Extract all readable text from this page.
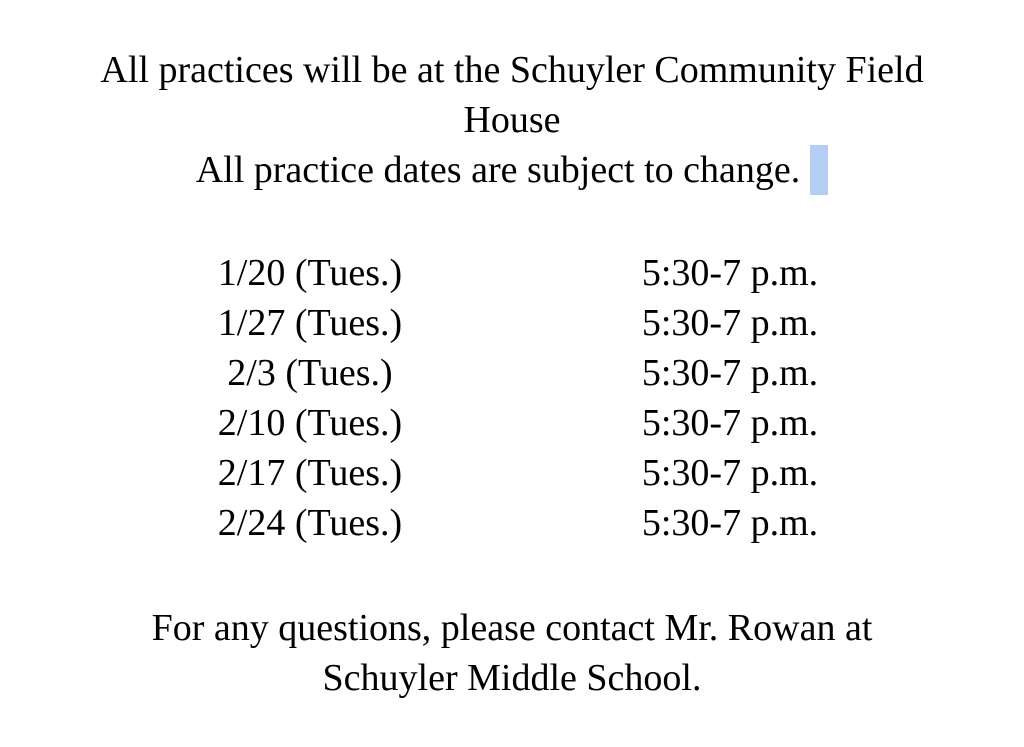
All practices will be at the Schuyler Community Field
House
All practice dates are subject to change.
1/20 (Tues.)	5:30-7 p.m.
1/27 (Tues.)	5:30-7 p.m.
2/3 (Tues.)	5:30-7 p.m.
2/10 (Tues.)	5:30-7 p.m.
2/17 (Tues.)	5:30-7 p.m.
2/24 (Tues.)	5:30-7 p.m.
For any questions, please contact Mr. Rowan at
Schuyler Middle School.
